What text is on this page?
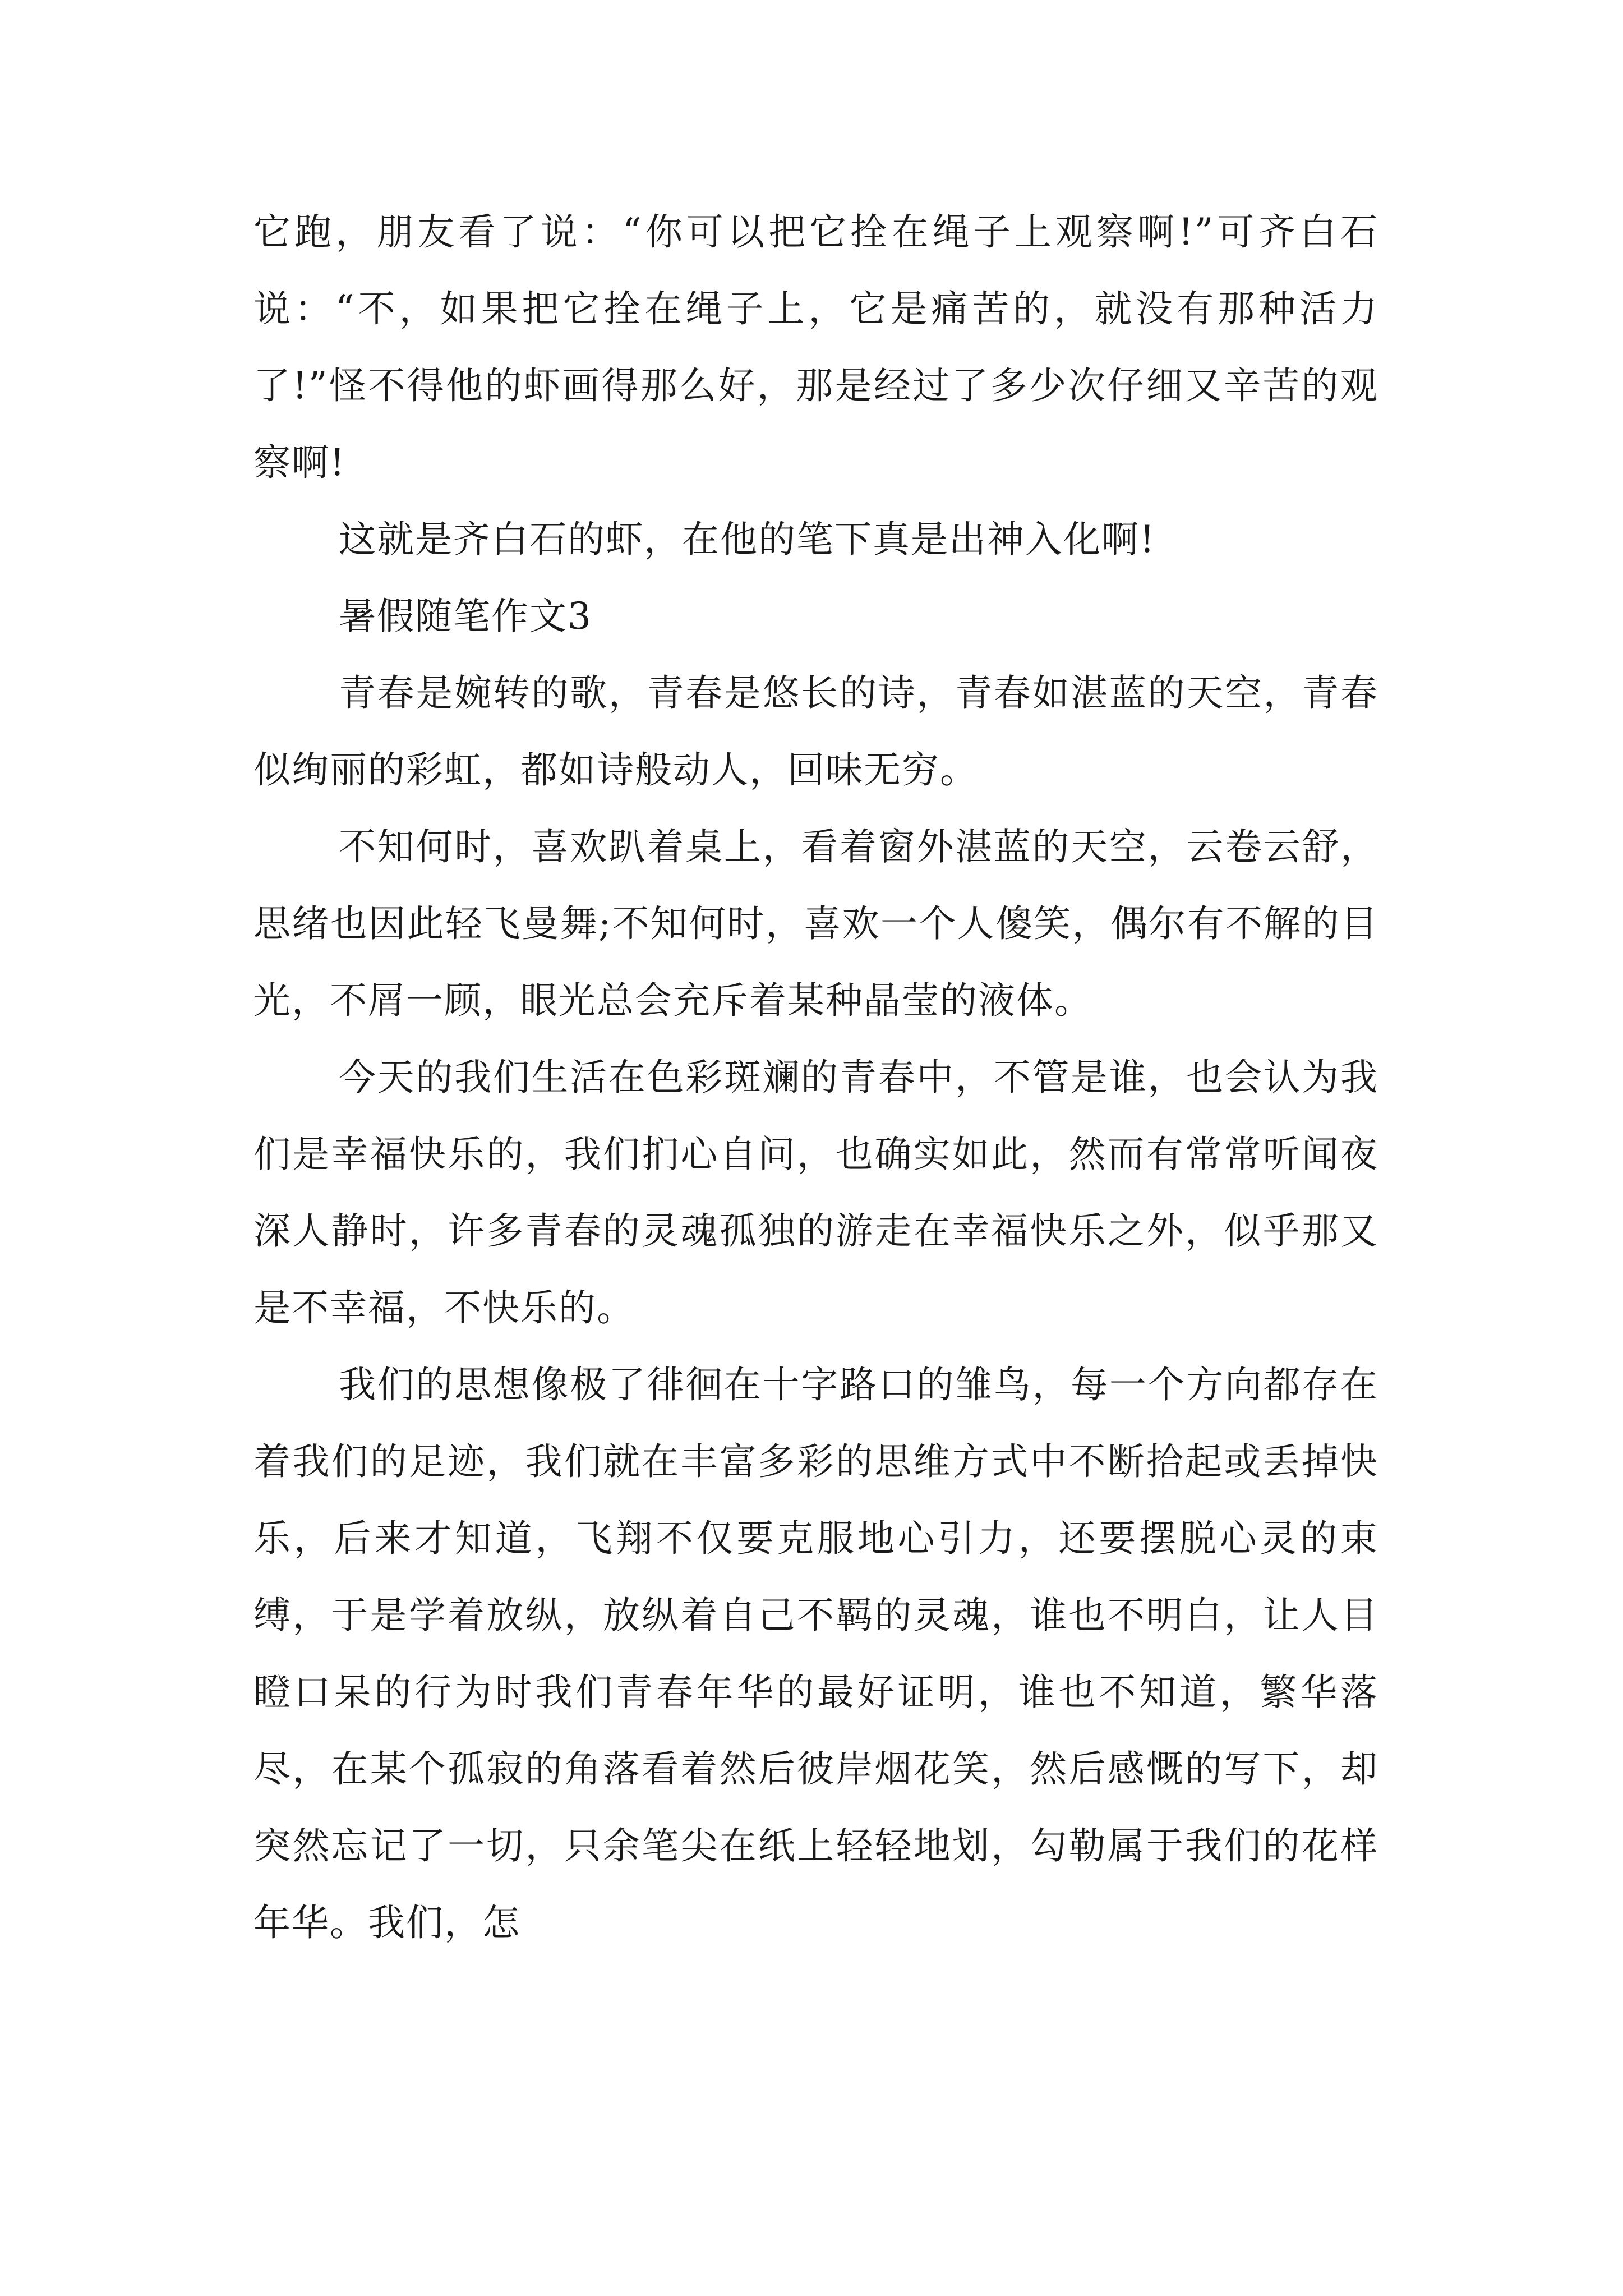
它跑，朋友看了说：“你可以把它拴在绳子上观察啊!”可齐白石说：“不，如果把它拴在绳子上，它是痛苦的，就没有那种活力了!”怪不得他的虾画得那么好，那是经过了多少次仔细又辛苦的观察啊!

这就是齐白石的虾，在他的笔下真是出神入化啊!

暑假随笔作文3

青春是婉转的歌，青春是悠长的诗，青春如湛蓝的天空，青春似绚丽的彩虹，都如诗般动人，回味无穷。

不知何时，喜欢趴着桌上，看着窗外湛蓝的天空，云卷云舒，思绪也因此轻飞曼舞;不知何时，喜欢一个人傻笑，偶尔有不解的目光，不屑一顾，眼光总会充斥着某种晶莹的液体。

今天的我们生活在色彩斑斓的青春中，不管是谁，也会认为我们是幸福快乐的，我们扪心自问，也确实如此，然而有常常听闻夜深人静时，许多青春的灵魂孤独的游走在幸福快乐之外，似乎那又是不幸福，不快乐的。

我们的思想像极了徘徊在十字路口的雏鸟，每一个方向都存在着我们的足迹，我们就在丰富多彩的思维方式中不断拾起或丢掉快乐，后来才知道，飞翔不仅要克服地心引力，还要摆脱心灵的束缚，于是学着放纵，放纵着自己不羁的灵魂，谁也不明白，让人目瞪口呆的行为时我们青春年华的最好证明，谁也不知道，繁华落尽，在某个孤寂的角落看着然后彼岸烟花笑，然后感慨的写下，却突然忘记了一切，只余笔尖在纸上轻轻地划，勾勒属于我们的花样年华。我们，怎
